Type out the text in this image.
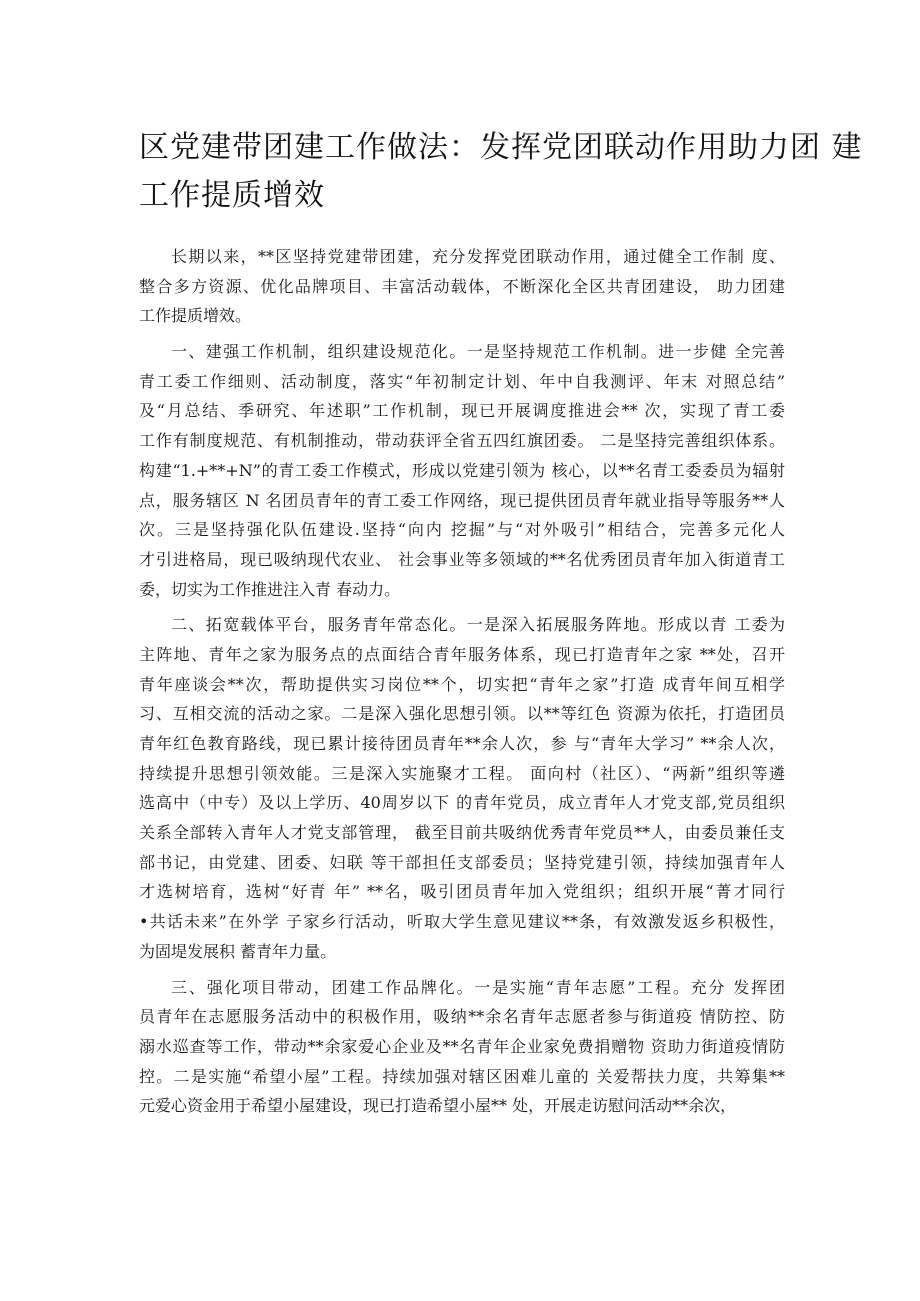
区党建带团建工作做法：发挥党团联动作用助力团 建
工作提质增效
长期以来，**区坚持党建带团建，充分发挥党团联动作用，通过健全工作制 度、
整合多方资源、优化品牌项目、丰富活动载体，不断深化全区共青团建设， 助力团建
工作提质增效。
一、建强工作机制，组织建设规范化。一是坚持规范工作机制。进一步健 全完善
青工委工作细则、活动制度，落实“年初制定计划、年中自我测评、年末 对照总结”
及“月总结、季研究、年述职”工作机制，现已开展调度推进会** 次，实现了青工委
工作有制度规范、有机制推动，带动获评全省五四红旗团委。 二是坚持完善组织体系。
构建“1.+**+N”的青工委工作模式，形成以党建引领为 核心，以**名青工委委员为辐射
点，服务辖区 N 名团员青年的青工委工作网络，现已提供团员青年就业指导等服务**人
次。三是坚持强化队伍建设.坚持“向内 挖掘”与“对外吸引”相结合，完善多元化人
才引进格局，现已吸纳现代农业、 社会事业等多领域的**名优秀团员青年加入街道青工
委，切实为工作推进注入青 春动力。
二、拓宽载体平台，服务青年常态化。一是深入拓展服务阵地。形成以青 工委为
主阵地、青年之家为服务点的点面结合青年服务体系，现已打造青年之家 **处，召开
青年座谈会**次，帮助提供实习岗位**个，切实把“青年之家”打造 成青年间互相学
习、互相交流的活动之家。二是深入强化思想引领。以**等红色 资源为依托，打造团员
青年红色教育路线，现已累计接待团员青年**余人次，参 与“青年大学习” **余人次，
持续提升思想引领效能。三是深入实施聚才工程。 面向村（社区）、“两新”组织等遴
选高中（中专）及以上学历、40周岁以下 的青年党员，成立青年人才党支部,党员组织
关系全部转入青年人才党支部管理， 截至目前共吸纳优秀青年党员**人，由委员兼任支
部书记，由党建、团委、妇联 等干部担任支部委员；坚持党建引领，持续加强青年人
才选树培育，选树“好青 年” **名，吸引团员青年加入党组织；组织开展“菁才同行
•共话未来”在外学 子家乡行活动，听取大学生意见建议**条，有效激发返乡积极性，
为固堤发展积 蓄青年力量。
三、强化项目带动，团建工作品牌化。一是实施“青年志愿”工程。充分 发挥团
员青年在志愿服务活动中的积极作用，吸纳**余名青年志愿者参与街道疫 情防控、防
溺水巡查等工作，带动**余家爱心企业及**名青年企业家免费捐赠物 资助力街道疫情防
控。二是实施“希望小屋”工程。持续加强对辖区困难儿童的 关爱帮扶力度，共筹集**
元爱心资金用于希望小屋建设，现已打造希望小屋** 处，开展走访慰问活动**余次，
